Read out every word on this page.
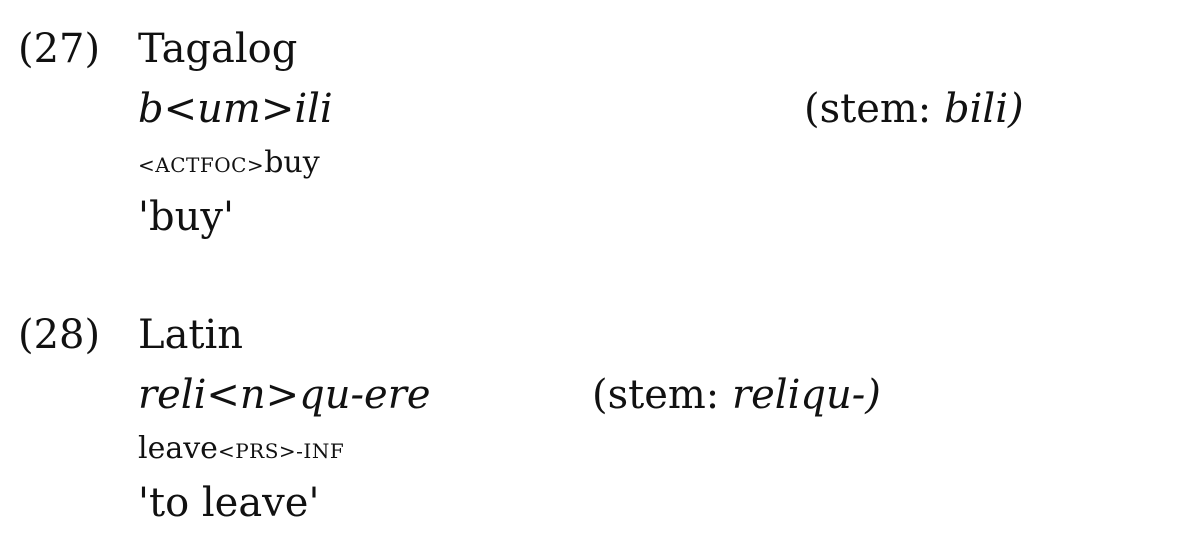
(27) Tagalog
b<um>ili	(stem: bili)
<ACTFOC>buy
'buy'
(28) Latin
reli<n>qu-ere	(stem: reliqu-)
leave<PRS>-INF
'to leave'
